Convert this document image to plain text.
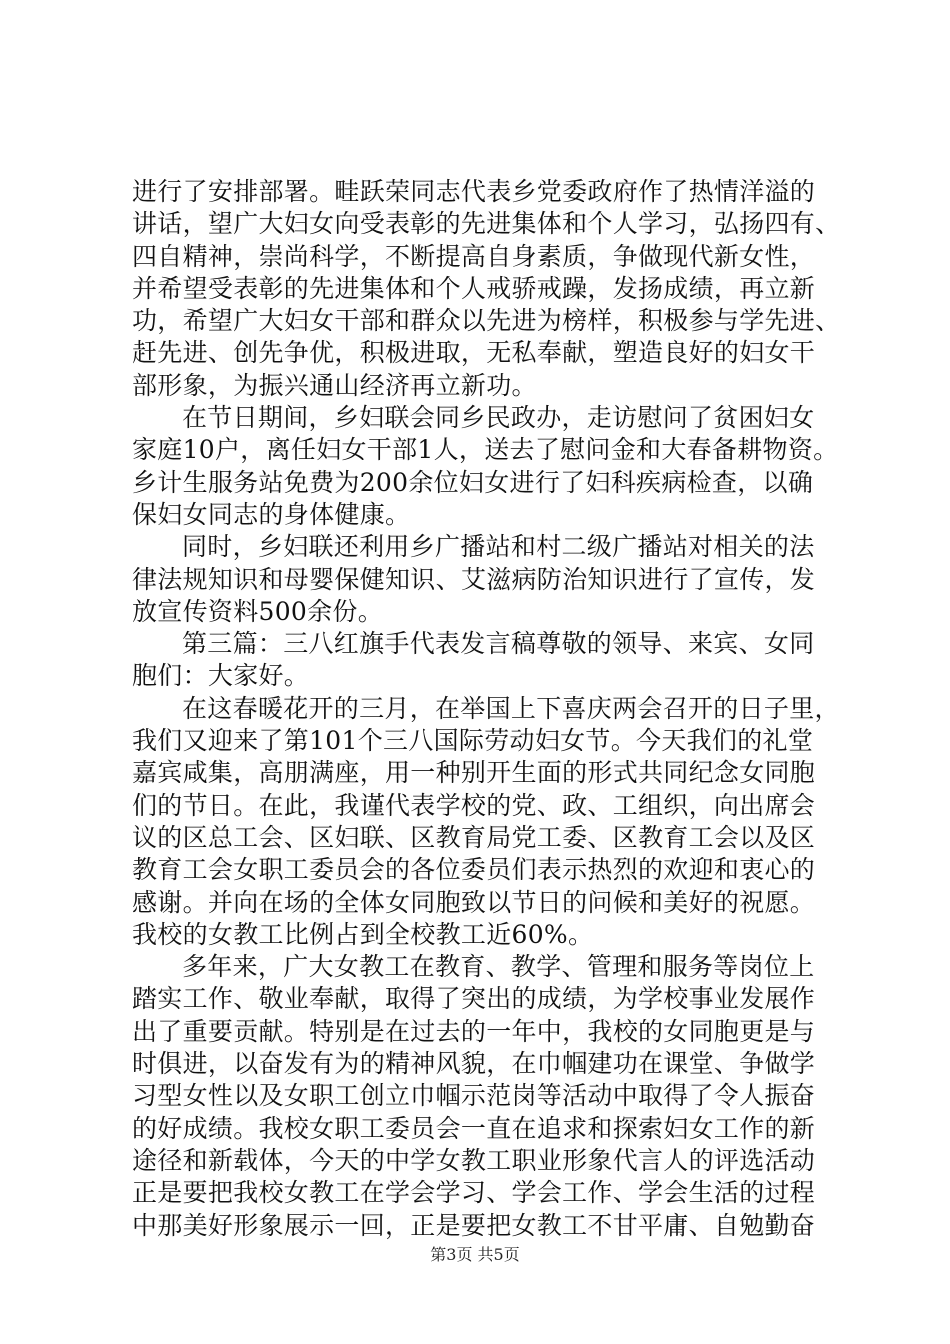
进行了安排部署。畦跃荣同志代表乡党委政府作了热情洋溢的
讲话，望广大妇女向受表彰的先进集体和个人学习，弘扬四有、
四自精神，崇尚科学，不断提高自身素质，争做现代新女性，
并希望受表彰的先进集体和个人戒骄戒躁，发扬成绩，再立新
功，希望广大妇女干部和群众以先进为榜样，积极参与学先进、
赶先进、创先争优，积极进取，无私奉献，塑造良好的妇女干
部形象，为振兴通山经济再立新功。
在节日期间，乡妇联会同乡民政办，走访慰问了贫困妇女
家庭10户，离任妇女干部1人，送去了慰问金和大春备耕物资。
乡计生服务站免费为200余位妇女进行了妇科疾病检查，以确
保妇女同志的身体健康。
同时，乡妇联还利用乡广播站和村二级广播站对相关的法
律法规知识和母婴保健知识、艾滋病防治知识进行了宣传，发
放宣传资料500余份。
第三篇：三八红旗手代表发言稿尊敬的领导、来宾、女同
胞们：大家好。
在这春暖花开的三月，在举国上下喜庆两会召开的日子里，
我们又迎来了第101个三八国际劳动妇女节。今天我们的礼堂
嘉宾咸集，高朋满座，用一种别开生面的形式共同纪念女同胞
们的节日。在此，我谨代表学校的党、政、工组织，向出席会
议的区总工会、区妇联、区教育局党工委、区教育工会以及区
教育工会女职工委员会的各位委员们表示热烈的欢迎和衷心的
感谢。并向在场的全体女同胞致以节日的问候和美好的祝愿。
我校的女教工比例占到全校教工近60%。
多年来，广大女教工在教育、教学、管理和服务等岗位上
踏实工作、敬业奉献，取得了突出的成绩，为学校事业发展作
出了重要贡献。特别是在过去的一年中，我校的女同胞更是与
时俱进，以奋发有为的精神风貌，在巾帼建功在课堂、争做学
习型女性以及女职工创立巾帼示范岗等活动中取得了令人振奋
的好成绩。我校女职工委员会一直在追求和探索妇女工作的新
途径和新载体，今天的中学女教工职业形象代言人的评选活动
正是要把我校女教工在学会学习、学会工作、学会生活的过程
中那美好形象展示一回，正是要把女教工不甘平庸、自勉勤奋
第3页 共5页
